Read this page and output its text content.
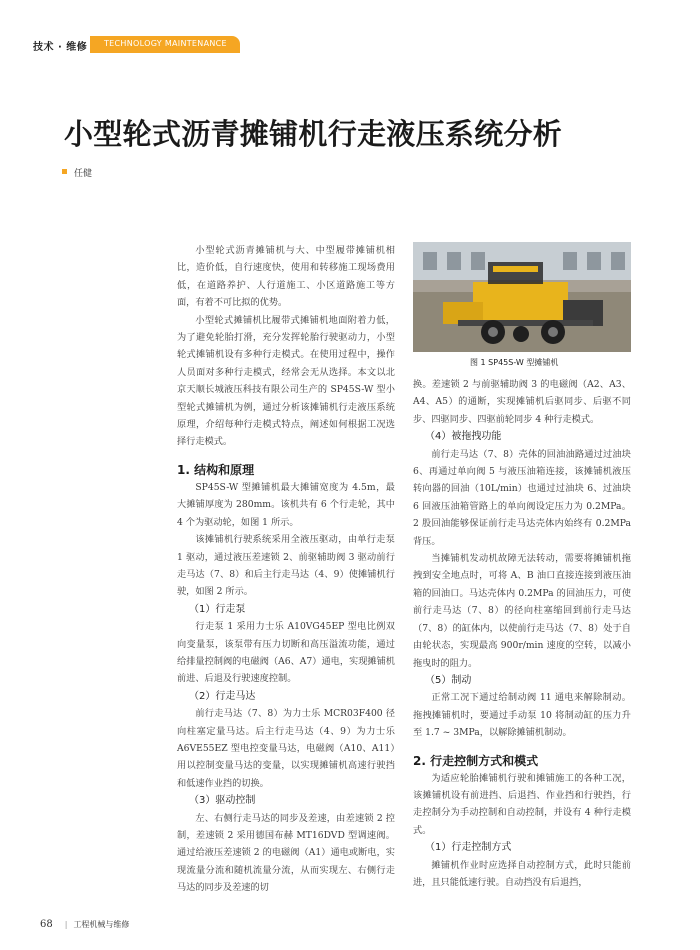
技术 · 维修 TECHNOLOGY MAINTENANCE
小型轮式沥青摊铺机行走液压系统分析
任健

小型轮式沥青摊铺机与大、中型履带摊铺机相比，造价低，自行速度快，使用和转移施工现场费用低，在道路养护、人行道施工、小区道路施工等方面，有着不可比拟的优势。

小型轮式摊铺机比履带式摊铺机地面附着力低，为了避免轮胎打滑，充分发挥轮胎行驶驱动力，小型轮式摊铺机设有多种行走模式。在使用过程中，操作人员面对多种行走模式，经常会无从选择。本文以北京天顺长城液压科技有限公司生产的 SP45S-W 型小型轮式摊铺机为例，通过分析该摊铺机行走液压系统原理，介绍每种行走模式特点，阐述如何根据工况选择行走模式。

1. 结构和原理

SP45S-W 型摊铺机最大摊铺宽度为 4.5m，最大摊铺厚度为 280mm。该机共有 6 个行走轮，其中 4 个为驱动轮，如图 1 所示。

该摊铺机行驶系统采用全液压驱动，由单行走泵 1 驱动，通过液压差速锁 2、前驱辅助阀 3 驱动前行走马达（7、8）和后主行走马达（4、9）使摊铺机行驶，如图 2 所示。

（1）行走泵

行走泵 1 采用力士乐 A10VG45EP 型电比例双向变量泵，该泵带有压力切断和高压溢流功能，通过给排量控制阀的电磁阀（A6、A7）通电，实现摊铺机前进、后退及行驶速度控制。

（2）行走马达

前行走马达（7、8）为力士乐 MCR03F400 径向柱塞定量马达。后主行走马达（4、9）为力士乐 A6VE55EZ 型电控变量马达，电磁阀（A10、A11）用以控制变量马达的变量，以实现摊铺机高速行驶挡和低速作业挡的切换。

（3）驱动控制

左、右侧行走马达的同步及差速，由差速锁 2 控制，差速锁 2 采用德国布赫 MT16DVD 型调速阀。通过给液压差速锁 2 的电磁阀（A1）通电或断电，实现流量分流和随机流量分流，从而实现左、右侧行走马达的同步及差速的切

图 1 SP45S-W 型摊铺机

换。差速锁 2 与前驱辅助阀 3 的电磁阀（A2、A3、A4、A5）的通断，实现摊铺机后驱同步、后驱不同步、四驱同步、四驱前轮同步 4 种行走模式。

（4）被拖拽功能

前行走马达（7、8）壳体的回油油路通过过油块 6、再通过单向阀 5 与液压油箱连接，该摊铺机液压转向器的回油（10L/min）也通过过油块 6、过油块 6 回液压油箱管路上的单向阀设定压力为 0.2MPa。2 股回油能够保证前行走马达壳体内始终有 0.2MPa 背压。

当摊铺机发动机故障无法转动，需要将摊铺机拖拽到安全地点时，可将 A、B 油口直接连接到液压油箱的回油口。马达壳体内 0.2MPa 的回油压力，可使前行走马达（7、8）的径向柱塞缩回到前行走马达（7、8）的缸体内，以使前行走马达（7、8）处于自由轮状态，实现最高 900r/min 速度的空转，以减小拖曳时的阻力。

（5）制动

正常工况下通过给制动阀 11 通电来解除制动。拖拽摊铺机时，要通过手动泵 10 将制动缸的压力升至 1.7 ~ 3MPa，以解除摊铺机制动。

2. 行走控制方式和模式

为适应轮胎摊铺机行驶和摊铺施工的各种工况，该摊铺机设有前进挡、后退挡、作业挡和行驶挡，行走控制分为手动控制和自动控制，并设有 4 种行走模式。

（1）行走控制方式

摊铺机作业时应选择自动控制方式，此时只能前进，且只能低速行驶。自动挡没有后退挡，

68 | 工程机械与维修
